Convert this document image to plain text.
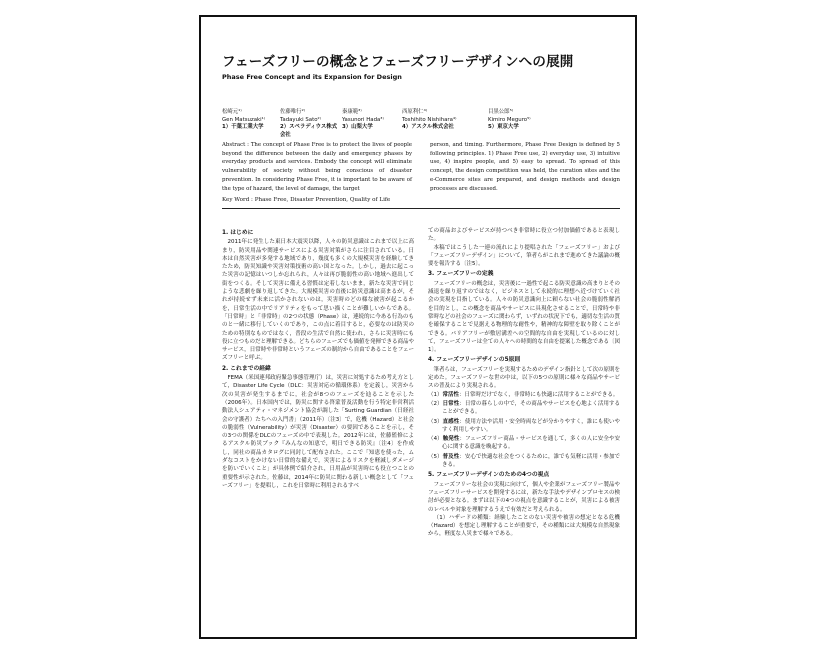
フェーズフリーの概念とフェーズフリーデザインへの展開
Phase Free Concept and its Expansion for Design
松崎元¹⁾	佐藤唯行²⁾	秦康範³⁾	西原利仁⁴⁾	目黒公郎⁵⁾
Gen Matsuzaki¹⁾	Tadayuki Sato²⁾	Yasunori Hada³⁾	Toshihito Nishihara⁴⁾	Kimiro Meguro⁵⁾
1）千葉工業大学	2）スペラディウス株式会社
3）山梨大学	4）アスクル株式会社	5）東京大学
Abstract : The concept of Phase Free is to protect the lives of people beyond the difference between the daily and emergency phases by everyday products and services. Embody the concept will eliminate vulnerability of society without being conscious of disaster prevention. In considering Phase Free, it is important to be aware of the type of hazard, the level of damage, the target
person, and timing. Furthermore, Phase Free Design is defined by 5 following principles. 1) Phase Free use, 2) everyday use, 3) intuitive use, 4) inspire people, and 5) easy to spread. To spread of this concept, the design competition was held, the curation sites and the e-Commerce sites are prepared, and design methods and design processes are discussed.
Key Word : Phase Free, Disaster Prevention, Quality of Life
1. はじめに

2011年に発生した東日本大震災以降，人々の防災意識はこれまで以上に高まり，防災用品や関連サービスによる災害対策がさらに注目されている。日本は自然災害が多発する地域であり，幾度も多くの大規模災害を経験してきたため，防災知識や災害対策技術の高い国となった。しかし，過去に起こった災害の記憶はいつしか忘れられ，人々は再び脆弱性の高い地域へ進出して街をつくる。そして災害に備える習慣は定着しないまま，新たな災害で同じような悲劇を繰り返してきた。大規模災害の直後に防災意識は高まるが，それが持続せず未来に活かされないのは，災害時のどの様な被害が起こるかを，日常生活の中でリアリティをもって思い描くことが難しいからである。「日常時」と「非常時」の2つの状態（Phase）は，連続的に今ある行為のものと一緒に移行していくのであり，この点に着目すると，必要なのは防災のための特別なものではなく，普段の生活で自然に使われ，さらに災害時にも役に立つものだと理解できる。どちらのフェーズでも価値を発揮できる商品やサービス，日常時や非常時というフェーズの制約から自由であることをフェーズフリーと呼ぶ。

2. これまでの経緯

FEMA（米国連邦政府緊急事態管理庁）は，災害に対処するため考え方として，Disaster Life Cycle（DLC：災害対応の循環体系）を定義し，災害から次の災害が発生するまでに，社会が8つのフェーズを辿ることを示した（2006年）。日本国内では，防災に関する啓蒙普及活動を行う特定非営利活動法人シュアティ・マネジメント協会が調した「Surting Guardian（日経社会の守護者）たちへの入門書」（2011年）〔注3〕で，危機（Hazard）と社会の脆弱性（Vulnerability）が災害（Disaster）の要因であることを示し，その3つの関係をDLCのフェーズの中で表現した。2012年には，佐藤監修によるアスクル防災ブック『みんなの知恵で，明日できる防災』〔注4〕を作成し，同社の商品カタログに同封して配布された。ここで「知恵を使った，ムダなコストをかけない日常的な備えで，災害によるリスクを軽減しダメージを防いでいくこと」が具体例で紹介され，日用品が災害時にも役立つことの重要性が示された。佐藤は，2014年に防災に関わる新しい概念として「フェーズフリー」を提唱し，これを日常時に利用されるすべ

ての商品およびサービスが持つべき非常時に役立つ付加価値であると表現した。

本稿ではこうした一連の流れにより提唱された「フェーズフリー」および「フェーズフリーデザイン」について，筆者らがこれまで進めてきた議論の概要を報告する〔注5〕。

3. フェーズフリーの定義

フェーズフリーの概念は，災害後に一過性で起こる防災意識の高まりとその減退を繰り返すのではなく，ビジネスとして永続的に理想へ近づけていく社会の実現を目指している。人々の防災意識向上に頼らない社会の脆弱性解消を目的とし，この概念を商品やサービスに具現化させることで，日常時や非常時などの社会のフェーズに関わらず，いずれの状況下でも，適切な生活の質を確保することで見据える物理的な耐性や，精神的な障壁を取り除くことができる。バリアフリーが敷居溝差への空間的な自由を実現しているのに対して，フェーズフリーは全ての人々への時間的な自由を提案した概念である〔図1〕。

4. フェーズフリーデザインの5原則

筆者らは，フェーズフリーを実現するためのデザイン指針として次の原則を定めた。フェーズフリーな世の中は，以下の5つの原則に様々な商品やサービスの普及により実現される。

（1）常活性：日常時だけでなく，非常時にも快適に活用することができる。
（2）日常性：日常の暮らしの中で，その商品やサービスを心地よく活用することができる。
（3）直感性：使用方法や活用・安全時両などが分かりやすく，誰にも使いやすく利用しやすい。
（4）触発性：フェーズフリー商品・サービスを通して，多くの人に安全や安心に関する意識を喚起する。
（5）普及性：安心で快適な社会をつくるために，誰でも気軽に活用・参加できる。
5. フェーズフリーデザインのための4つの視点

フェーズフリーな社会の実現に向けて，個人や企業がフェーズフリー製品やフェーズフリーサービスを開発するには，新たな手法やデザインプロセスの検討が必要となる。まずは以下の4つの視点を意識することが，災害による被害のレベルや対象を理解するうえで有効だと考えられる。

（1）ハザードの種類：経験したことのない災害や被害の想定となる危機（Hazard）を想定し理解することが重要で，その種類には大規模な自然現象から，軽度な人災まで様々である。
